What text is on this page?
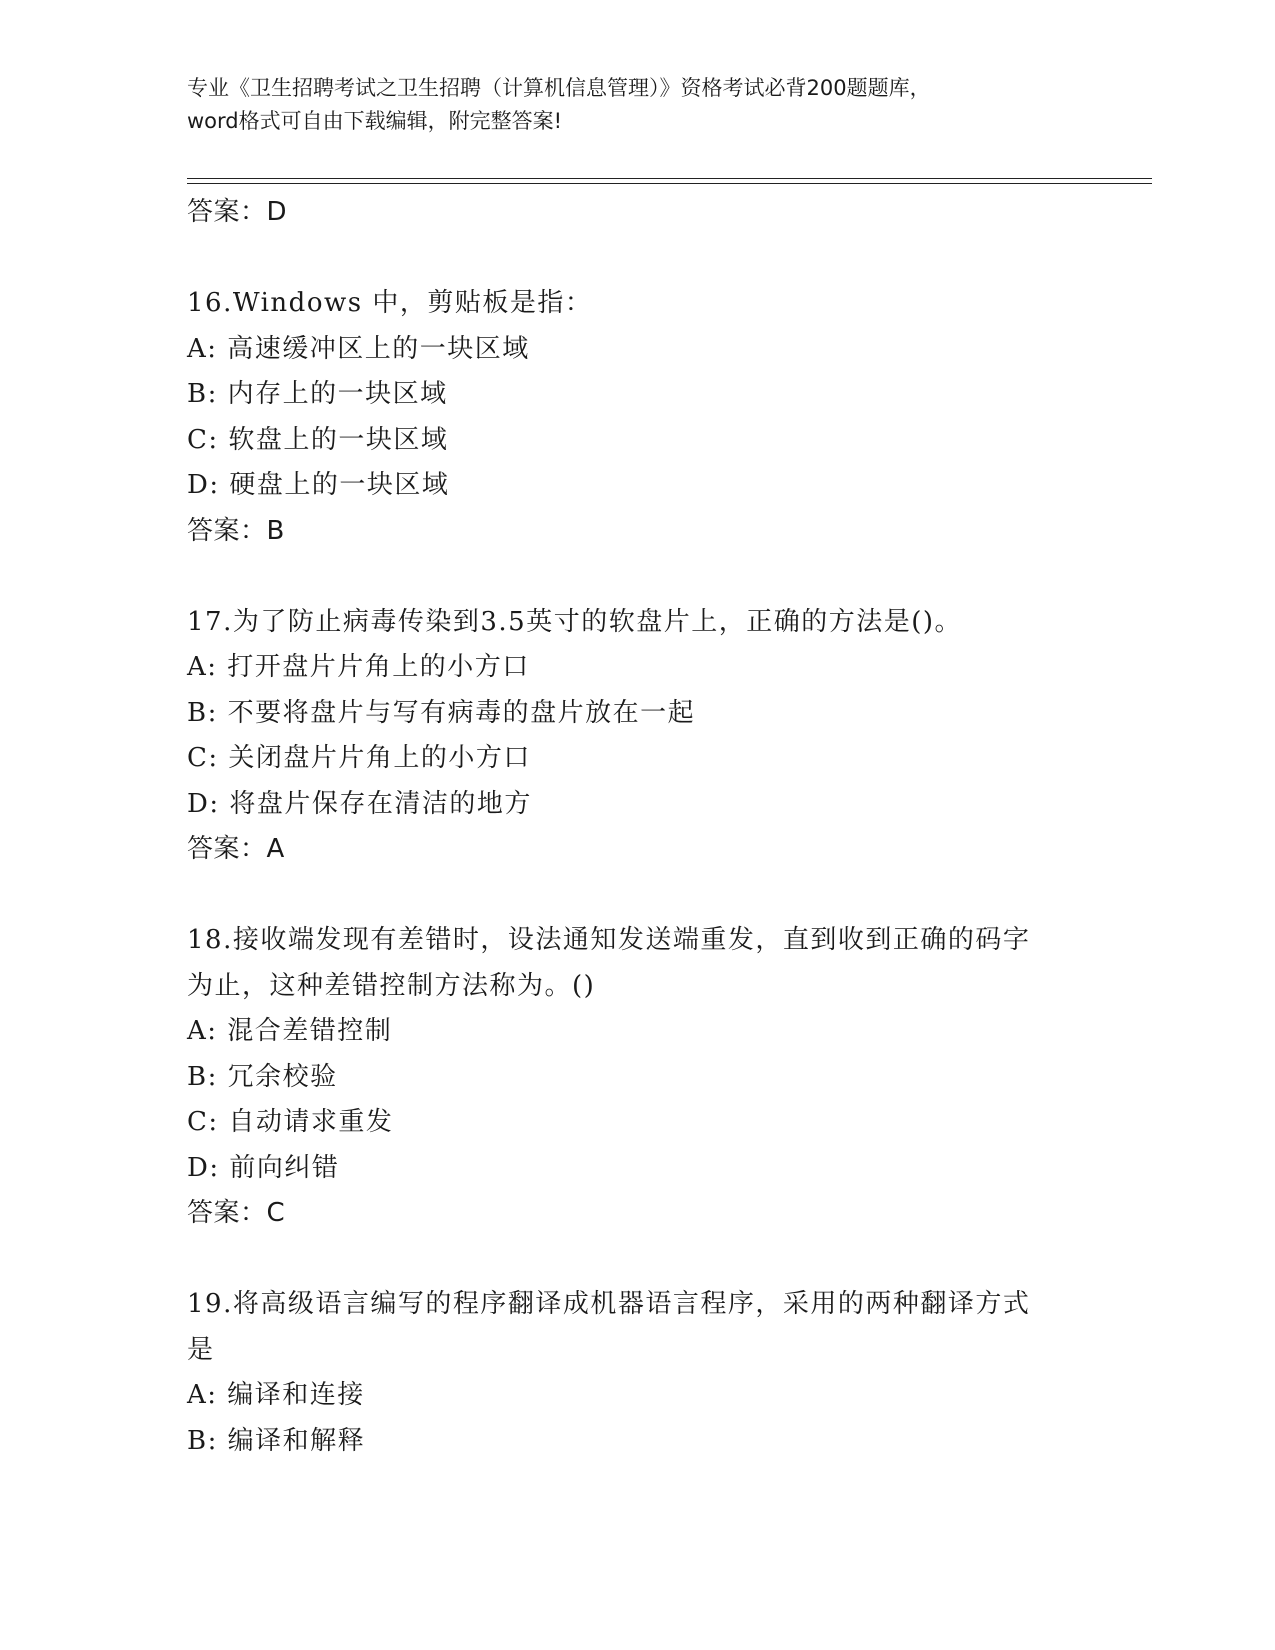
专业《卫生招聘考试之卫生招聘（计算机信息管理）》资格考试必背200题题库，
word格式可自由下载编辑，附完整答案!
答案：D
16.Windows 中，剪贴板是指：
A: 高速缓冲区上的一块区域
B: 内存上的一块区域
C: 软盘上的一块区域
D: 硬盘上的一块区域
答案：B
17.为了防止病毒传染到3.5英寸的软盘片上，正确的方法是()。
A: 打开盘片片角上的小方口
B: 不要将盘片与写有病毒的盘片放在一起
C: 关闭盘片片角上的小方口
D: 将盘片保存在清洁的地方
答案：A
18.接收端发现有差错时，设法通知发送端重发，直到收到正确的码字
为止，这种差错控制方法称为。()
A: 混合差错控制
B: 冗余校验
C: 自动请求重发
D: 前向纠错
答案：C
19.将高级语言编写的程序翻译成机器语言程序，采用的两种翻译方式
是
A: 编译和连接
B: 编译和解释
